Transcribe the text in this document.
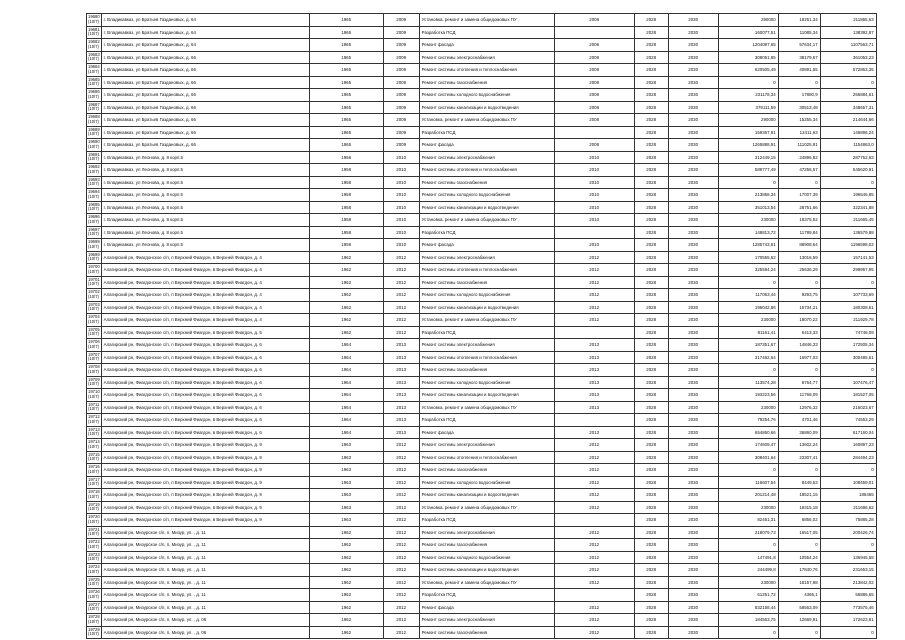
19680 (10/7)	г. Владикавказ, ул Братьев Газдановых, д. 64	1965	2009	Установка, ремонт и замена общедомовых ПУ	2008	2028	2030	290000	18251,34	211865,63
19681 (10/7)	г. Владикавказ, ул Братьев Газдановых, д. 64	1965	2009	Разработка ПСД		2028	2030	160077,51	11085,34	138392,87
19682 (10/7)	г. Владикавказ, ул Братьев Газдановых, д. 64	1965	2009	Ремонт фасада	2006	2028	2030	1204097,65	57634,17	1107563,71
19683 (10/7)	г. Владикавказ, ул Братьев Газдановых, д. 66	1965	2009	Ремонт системы электроснабжения	2008	2028	2030	308051,85	38179,67	361053,23
19684 (10/7)	г. Владикавказ, ул Братьев Газдановых, д. 66	1965	2009	Ремонт системы отопления и теплоснабжения	2008	2028	2030	620505,49	40891,55	572863,35
19685 (10/7)	г. Владикавказ, ул Братьев Газдановых, д. 66	1965	2009	Ремонт системы газоснабжения	2008	2028	2030	0	0	0
19686 (10/7)	г. Владикавказ, ул Братьев Газдановых, д. 66	1965	2009	Ремонт системы холодного водоснабжения	2008	2028	2030	231178,34	17880,9	256884,61
19687 (10/7)	г. Владикавказ, ул Братьев Газдановых, д. 66	1965	2009	Ремонт системы канализации и водоотведения	2008	2028	2030	379111,59	30513,48	348657,31
19688 (10/7)	г. Владикавказ, ул Братьев Газдановых, д. 66	1965	2009	Установка, ремонт и замена общедомовых ПУ	2008	2028	2030	290000	15255,34	214644,66
19689 (10/7)	г. Владикавказ, ул Братьев Газдановых, д. 66	1965	2009	Разработка ПСД		2028	2030	159367,91	12411,63	146896,24
19690 (10/7)	г. Владикавказ, ул Братьев Газдановых, д. 66	1965	2009	Ремонт фасада	2008	2028	2030	1265888,91	111025,91	1154863,0
19691 (10/7)	г. Владикавказ, ул Леонова, д. 8 корп.5	1958	2010	Ремонт системы электроснабжения	2010	2028	2030	312449,15	24896,82	287752,63
19692 (10/7)	г. Владикавказ, ул Леонова, д. 8 корп.5	1958	2010	Ремонт системы отопления и теплоснабжения	2010	2028	2030	589777,49	47256,57	545620,91
19693 (10/7)	г. Владикавказ, ул Леонова, д. 8 корп.5	1958	2010	Ремонт системы газоснабжения	2010	2028	2030	0	0	0
19694 (10/7)	г. Владикавказ, ул Леонова, д. 8 корп.5	1958	2010	Ремонт системы холодного водоснабжения	2010	2028	2030	213858,34	17007,39	196546,85
19695 (10/7)	г. Владикавказ, ул Леонова, д. 8 корп.5	1958	2010	Ремонт системы канализации и водоотведения	2010	2028	2030	351013,54	28751,66	322341,88
19696 (10/7)	г. Владикавказ, ул Леонова, д. 8 корп.5	1958	2010	Установка, ремонт и замена общедомовых ПУ	2010	2028	2030	230000	18375,52	211665,45
19697 (10/7)	г. Владикавказ, ул Леонова, д. 8 корп.5	1958	2010	Разработка ПСД		2028	2030	148813,72	11789,84	136579,88
19698 (10/7)	г. Владикавказ, ул Леонова, д. 8 корп.5	1958	2010	Ремонт фасада	2010	2028	2030	1285743,51	88908,64	1196598,02
19699 (10/7)	Алагирский рн, Фиагдонское с/п, п Верхний Фиагдон, в Верхней Фиагдон, д. 4	1962	2012	Ремонт системы электроснабжения	2012	2028	2030	170555,52	13016,59	157141,53
19700 (10/7)	Алагирский рн, Фиагдонское с/п, п Верхний Фиагдон, в Верхней Фиагдон, д. 4	1962	2012	Ремонт системы отопления и теплоснабжения	2012	2028	2030	325594,24	25636,29	299957,95
19701 (10/7)	Алагирский рн, Фиагдонское с/п, п Верхний Фиагдон, в Верхней Фиагдон, д. 4	1962	2012	Ремонт системы газоснабжения	2012	2028	2030	0	0	0
19702 (10/7)	Алагирский рн, Фиагдонское с/п, п Верхний Фиагдон, в Верхней Фиагдон, д. 4	1962	2012	Ремонт системы холодного водоснабжения	2012	2028	2030	117063,44	9293,75	107733,69
19703 (10/7)	Алагирский рн, Фиагдонское с/п, п Верхний Фиагдон, в Верхней Фиагдон, д. 4	1962	2012	Ремонт системы канализации и водоотведения	2012	2028	2030	196042,86	15734,21	180308,61
19704 (10/7)	Алагирский рн, Фиагдонское с/п, п Верхний Фиагдон, в Верхней Фиагдон, д. 4	1962	2012	Установка, ремонт и замена общедомовых ПУ	2012	2028	2030	230000	18070,22	211929,78
19705 (10/7)	Алагирский рн, Фиагдонское с/п, п Верхний Фиагдон, в Верхней Фиагдон, д. 5	1962	2012	Разработка ПСД		2028	2030	81161,41	6413,33	74748,08
19706 (10/7)	Алагирский рн, Фиагдонское с/п, п Верхний Фиагдон, в Верхней Фиагдон, д. 6	1964	2013	Ремонт системы электроснабжения	2013	2028	2030	187351,67	14846,33	172505,34
19707 (10/7)	Алагирский рн, Фиагдонское с/п, п Верхний Фиагдон, в Верхней Фиагдон, д. 6	1964	2013	Ремонт системы отопления и теплоснабжения	2013	2028	2030	317462,64	16977,03	300485,61
19708 (10/7)	Алагирский рн, Фиагдонское с/п, п Верхний Фиагдон, в Верхней Фиагдон, д. 6	1964	2013	Ремонт системы газоснабжения	2013	2028	2030	0	0	0
19709 (10/7)	Алагирский рн, Фиагдонское с/п, п Верхний Фиагдон, в Верхней Фиагдон, д. 6	1964	2013	Ремонт системы холодного водоснабжения	2013	2028	2030	113574,28	8764,77	107476,47
19710 (10/7)	Алагирский рн, Фиагдонское с/п, п Верхний Фиагдон, в Верхней Фиагдон, д. 6	1964	2013	Ремонт системы канализации и водоотведения	2013	2028	2030	193223,56	11768,09	181527,05
19711 (10/7)	Алагирский рн, Фиагдонское с/п, п Верхний Фиагдон, в Верхней Фиагдон, д. 6	1964	2013	Установка, ремонт и замена общедомовых ПУ	2013	2028	2030	230000	12976,32	216023,67
19712 (10/7)	Алагирский рн, Фиагдонское с/п, п Верхний Фиагдон, в Верхней Фиагдон, д. 6	1964	2013	Разработка ПСД		2028	2030	79254,76	4701,46	74553,29
19713 (10/7)	Алагирский рн, Фиагдонское с/п, п Верхний Фиагдон, в Верхней Фиагдон, д. 6	1964	2013	Ремонт фасада	2013	2028	2030	654860,66	36860,09	617160,04
19714 (10/7)	Алагирский рн, Фиагдонское с/п, п Верхний Фиагдон, в Верхней Фиагдон, д. 9	1963	2012	Ремонт системы электроснабжения	2012	2028	2030	174609,47	13602,24	160897,23
19715 (10/7)	Алагирский рн, Фиагдонское с/п, п Верхний Фиагдон, в Верхней Фиагдон, д. 9	1963	2012	Ремонт системы отопления и теплоснабжения	2012	2028	2030	308401,64	23307,41	284494,23
19716 (10/7)	Алагирский рн, Фиагдонское с/п, п Верхний Фиагдон, в Верхней Фиагдон, д. 9	1963	2012	Ремонт системы газоснабжения	2012	2028	2030	0	0	0
19717 (10/7)	Алагирский рн, Фиагдонское с/п, п Верхний Фиагдон, в Верхней Фиагдон, д. 9	1963	2012	Ремонт системы холодного водоснабжения	2012	2028	2030	116607,54	8449,53	108459,01
19718 (10/7)	Алагирский рн, Фиагдонское с/п, п Верхний Фиагдон, в Верхней Фиагдон, д. 9	1963	2012	Ремонт системы канализации и водоотведения	2012	2028	2030	201214,48	18521,15	185465
19719 (10/7)	Алагирский рн, Фиагдонское с/п, п Верхний Фиагдон, в Верхней Фиагдон, д. 9	1963	2012	Установка, ремонт и замена общедомовых ПУ	2012	2028	2030	230000	18315,18	211696,62
19720 (10/7)	Алагирский рн, Фиагдонское с/п, п Верхний Фиагдон, в Верхней Фиагдон, д. 9	1963	2012	Разработка ПСД		2028	2030	82461,31	6856,02	75885,28
19721 (10/7)	Алагирский рн, Мизурское с/п, п. Мизур, ул. , д. 11	1962	2012	Ремонт системы электроснабжения	2012	2028	2030	218079,73	16517,05	200426,74
19722 (10/7)	Алагирский рн, Мизурское с/п, п. Мизур, ул. , д. 11	1962	2012	Ремонт системы газоснабжения	2012	2028	2030	0	0	0
19723 (10/7)	Алагирский рн, Мизурское с/п, п. Мизур, ул. , д. 11	1962	2012	Ремонт системы холодного водоснабжения	2012	2028	2030	147491,8	10554,24	136945,58
19724 (10/7)	Алагирский рн, Мизурское с/п, п. Мизур, ул. , д. 11	1962	2012	Ремонт системы канализации и водоотведения	2012	2028	2030	244499,8	17840,76	231653,15
19725 (10/7)	Алагирский рн, Мизурское с/п, п. Мизур, ул. , д. 11	1962	2012	Установка, ремонт и замена общедомовых ПУ	2012	2028	2030	230000	18157,98	213842,02
19726 (10/7)	Алагирский рн, Мизурское с/п, п. Мизур, ул. , д. 11	1962	2012	Разработка ПСД		2028	2030	61251,72	4365,1	56886,65
19727 (10/7)	Алагирский рн, Мизурское с/п, п. Мизур, ул. , д. 11	1962	2012	Ремонт фасада	2012	2028	2030	832158,44	58563,09	773575,46
19728 (10/7)	Алагирский рн, Мизурское с/п, п. Мизур, ул. , д. 06	1962	2012	Ремонт системы электроснабжения	2012	2028	2030	184563,75	12669,91	172623,81
19729 (10/7)	Алагирский рн, Мизурское с/п, п. Мизур, ул. , д. 06	1962	2012	Ремонт системы газоснабжения	2012	2028	2030	0	0	0
